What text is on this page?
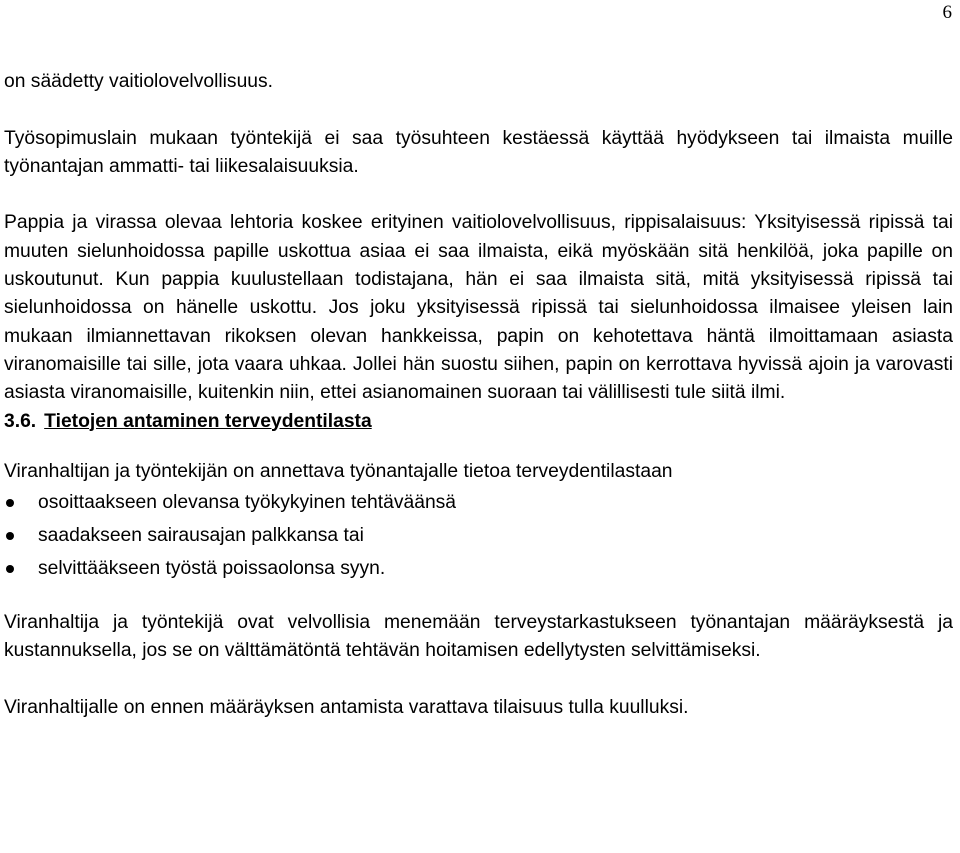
6

on säädetty vaitiolovelvollisuus.

Työsopimuslain mukaan työntekijä ei saa työsuhteen kestäessä käyttää hyödykseen tai ilmaista muille työnantajan ammatti- tai liikesalaisuuksia.

Pappia ja virassa olevaa lehtoria koskee erityinen vaitiolovelvollisuus, rippisalaisuus: Yksityisessä ripissä tai muuten sielunhoidossa papille uskottua asiaa ei saa ilmaista, eikä myöskään sitä henkilöä, joka papille on uskoutunut. Kun pappia kuulustellaan todistajana, hän ei saa ilmaista sitä, mitä yksityisessä ripissä tai sielunhoidossa on hänelle uskottu. Jos joku yksityisessä ripissä tai sielunhoidossa ilmaisee yleisen lain mukaan ilmiannettavan rikoksen olevan hankkeissa, papin on kehotettava häntä ilmoittamaan asiasta viranomaisille tai sille, jota vaara uhkaa. Jollei hän suostu siihen, papin on kerrottava hyvissä ajoin ja varovasti asiasta viranomaisille, kuitenkin niin, ettei asianomainen suoraan tai välillisesti tule siitä ilmi.

3.6. Tietojen antaminen terveydentilasta

Viranhaltijan ja työntekijän on annettava työnantajalle tietoa terveydentilastaan

osoittaakseen olevansa työkykyinen tehtäväänsä
saadakseen sairausajan palkkansa tai
selvittääkseen työstä poissaolonsa syyn.

Viranhaltija ja työntekijä ovat velvollisia menemään terveystarkastukseen työnantajan määräyksestä ja kustannuksella, jos se on välttämätöntä tehtävän hoitamisen edellytysten selvittämiseksi.

Viranhaltijalle on ennen määräyksen antamista varattava tilaisuus tulla kuulluksi.
